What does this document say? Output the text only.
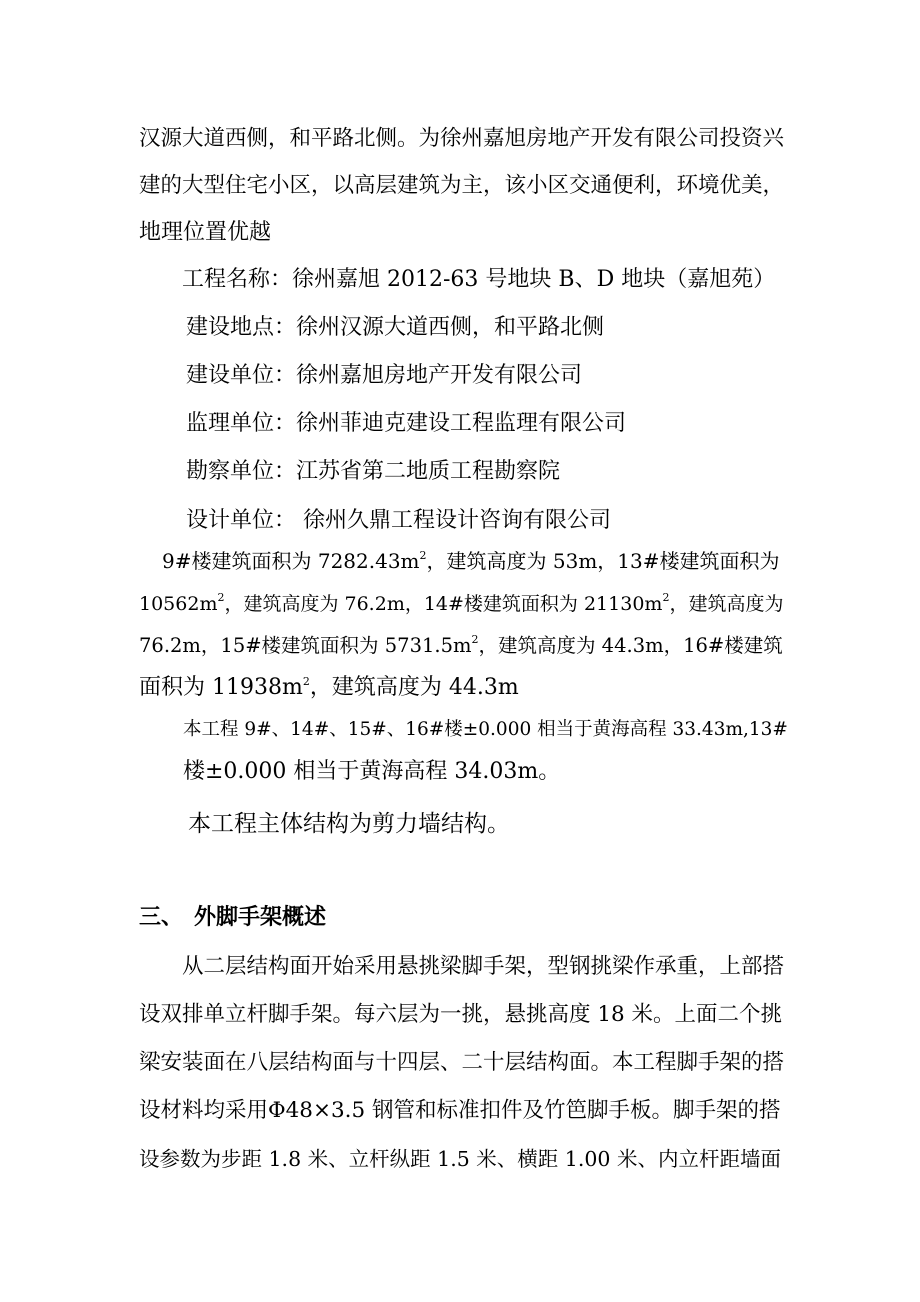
汉源大道西侧，和平路北侧。为徐州嘉旭房地产开发有限公司投资兴
建的大型住宅小区，以高层建筑为主，该小区交通便利，环境优美，
地理位置优越
工程名称：徐州嘉旭 2012-63 号地块 B、D 地块（嘉旭苑）
建设地点：徐州汉源大道西侧，和平路北侧
建设单位：徐州嘉旭房地产开发有限公司
监理单位：徐州菲迪克建设工程监理有限公司
勘察单位：江苏省第二地质工程勘察院
设计单位： 徐州久鼎工程设计咨询有限公司
9#楼建筑面积为 $7282.43m^2$，建筑高度为 53m，13#楼建筑面积为
$10562m^2$，建筑高度为 76.2m，14#楼建筑面积为 $21130m^2$，建筑高度为
76.2m，15#楼建筑面积为 $5731.5m^2$，建筑高度为 44.3m，16#楼建筑
面积为 $11938m^2$，建筑高度为 44.3m
本工程 9#、14#、15#、16#楼±0.000 相当于黄海高程 33.43m,13#
楼±0.000 相当于黄海高程 34.03m。
本工程主体结构为剪力墙结构。
三、 外脚手架概述
从二层结构面开始采用悬挑梁脚手架，型钢挑梁作承重，上部搭
设双排单立杆脚手架。每六层为一挑，悬挑高度 18 米。上面二个挑
梁安装面在八层结构面与十四层、二十层结构面。本工程脚手架的搭
设材料均采用Φ48×3.5 钢管和标准扣件及竹笆脚手板。脚手架的搭
设参数为步距 1.8 米、立杆纵距 1.5 米、横距 1.00 米、内立杆距墙面
